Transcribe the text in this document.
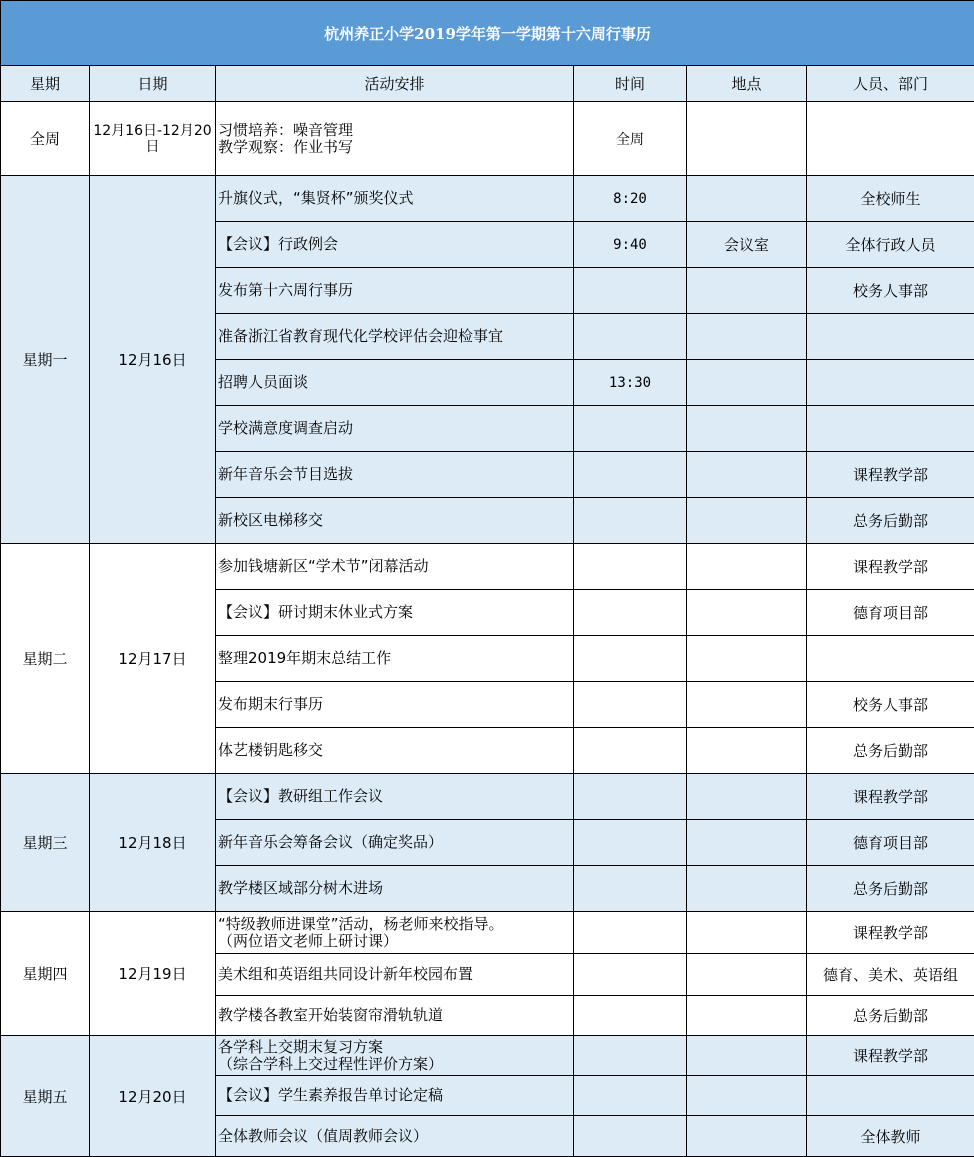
杭州养正小学2019学年第一学期第十六周行事历					
星期	日期	活动安排	时间	地点	人员、部门
全周	12月16日-12月20日	习惯培养：噪音管理
教学观察：作业书写	全周		
星期一	12月16日	升旗仪式，“集贤杯”颁奖仪式	8:20		全校师生
		【会议】行政例会	9:40	会议室	全体行政人员
		发布第十六周行事历			校务人事部
		准备浙江省教育现代化学校评估会迎检事宜			
		招聘人员面谈	13:30		
		学校满意度调查启动			
		新年音乐会节目选拔			课程教学部
		新校区电梯移交			总务后勤部
星期二	12月17日	参加钱塘新区“学术节”闭幕活动			课程教学部
		【会议】研讨期末休业式方案			德育项目部
		整理2019年期末总结工作			
		发布期末行事历			校务人事部
		体艺楼钥匙移交			总务后勤部
星期三	12月18日	【会议】教研组工作会议			课程教学部
		新年音乐会筹备会议（确定奖品）			德育项目部
		教学楼区域部分树木进场			总务后勤部
星期四	12月19日	“特级教师进课堂”活动，杨老师来校指导。
（两位语文老师上研讨课）			课程教学部
		美术组和英语组共同设计新年校园布置			德育、美术、英语组
		教学楼各教室开始装窗帘滑轨轨道			总务后勤部
星期五	12月20日	各学科上交期末复习方案
（综合学科上交过程性评价方案）			课程教学部
		【会议】学生素养报告单讨论定稿			
		全体教师会议（值周教师会议）			全体教师
